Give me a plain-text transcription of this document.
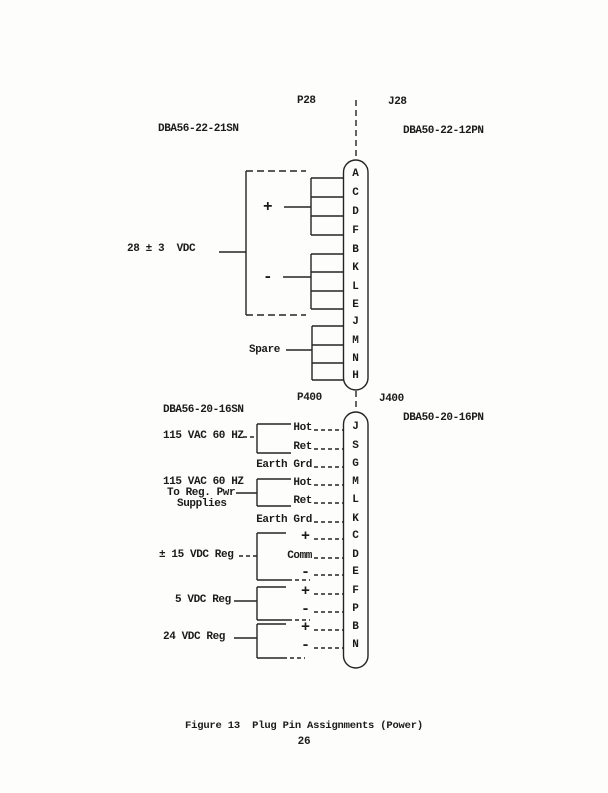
P28	J28
DBA56-22-21SN	DBA50-22-12PN
28 ± 3  VDC
+
-
Spare
A
C
D
F
B
K
L
E
J
M
N
H
P400	J400
DBA56-20-16SN
DBA50-20-16PN
J
S
G
M
L
K
C
D
E
F
P
B
N
Hot
Ret
Earth Grd
Hot
Ret
Earth Grd
+
Comm
-
+
-
+
-
115 VAC 60 HZ
115 VAC 60 HZ
To Reg. Pwr
Supplies
± 15 VDC Reg
5 VDC Reg
24 VDC Reg
Figure 13  Plug Pin Assignments (Power)
26
